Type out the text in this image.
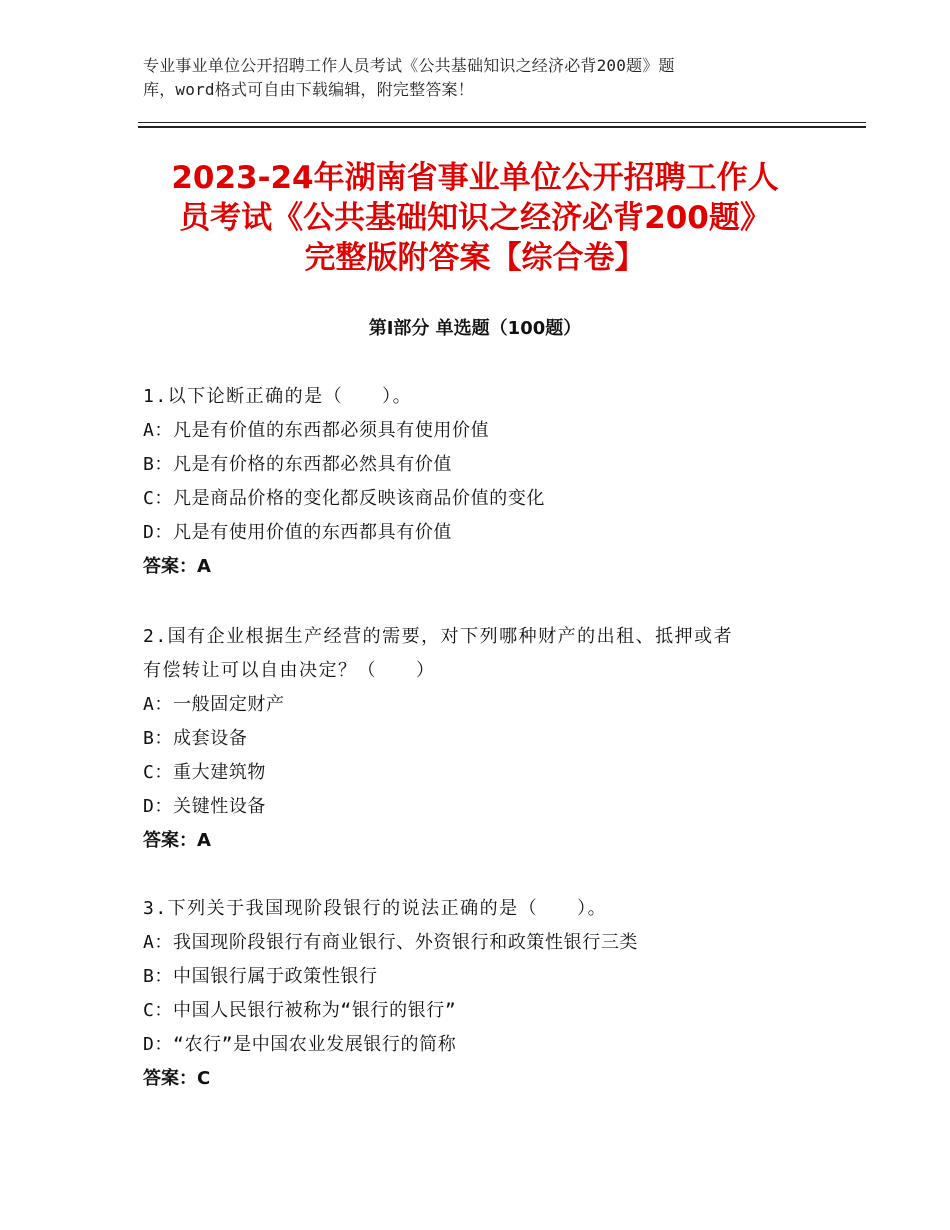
专业事业单位公开招聘工作人员考试《公共基础知识之经济必背200题》题
库，word格式可自由下载编辑，附完整答案！
2023-24年湖南省事业单位公开招聘工作人
员考试《公共基础知识之经济必背200题》
完整版附答案【综合卷】
第Ⅰ部分 单选题（100题）
1.以下论断正确的是（　　）。
A：凡是有价值的东西都必须具有使用价值
B：凡是有价格的东西都必然具有价值
C：凡是商品价格的变化都反映该商品价值的变化
D：凡是有使用价值的东西都具有价值
答案：A
2.国有企业根据生产经营的需要，对下列哪种财产的出租、抵押或者
有偿转让可以自由决定？（　　）
A：一般固定财产
B：成套设备
C：重大建筑物
D：关键性设备
答案：A
3.下列关于我国现阶段银行的说法正确的是（　　）。
A：我国现阶段银行有商业银行、外资银行和政策性银行三类
B：中国银行属于政策性银行
C：中国人民银行被称为“银行的银行”
D：“农行”是中国农业发展银行的简称
答案：C
